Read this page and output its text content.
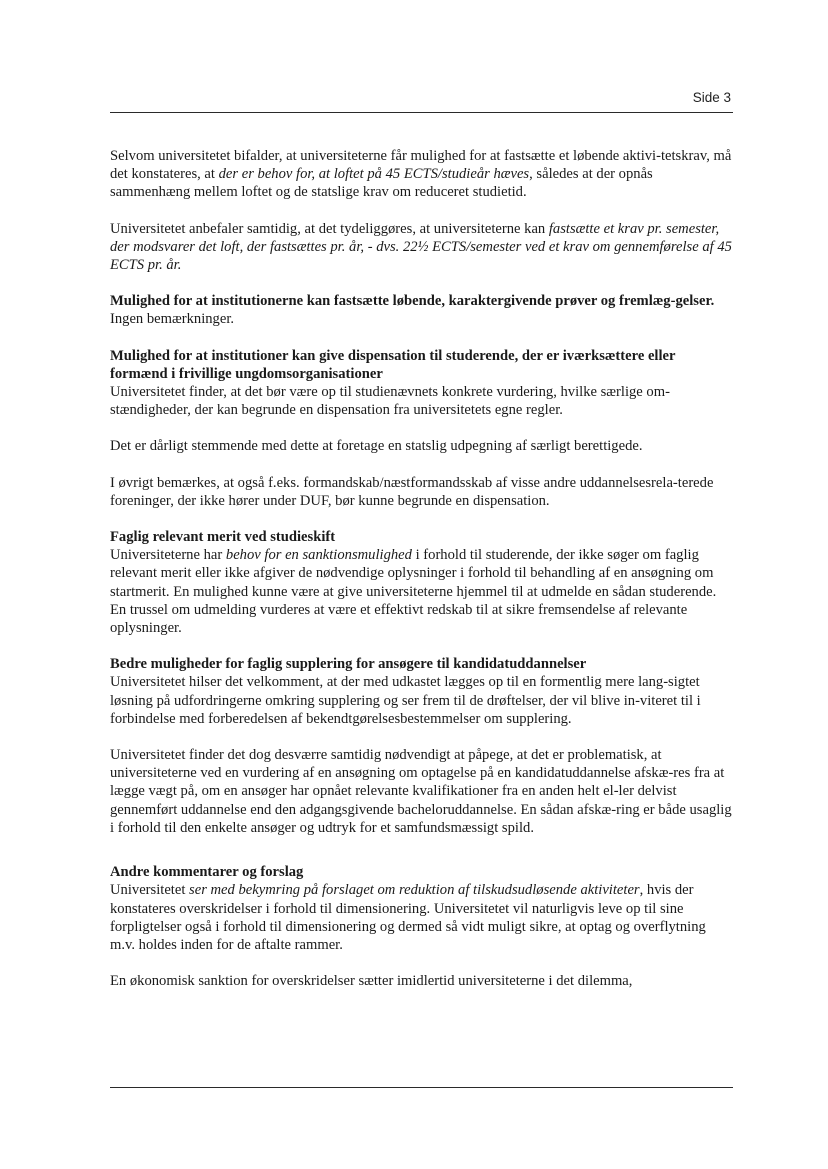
Side 3

Selvom universitetet bifalder, at universiteterne får mulighed for at fastsætte et løbende aktivi-tetskrav, må det konstateres, at der er behov for, at loftet på 45 ECTS/studieår hæves, således at der opnås sammenhæng mellem loftet og de statslige krav om reduceret studietid.

Universitetet anbefaler samtidig, at det tydeliggøres, at universiteterne kan fastsætte et krav pr. semester, der modsvarer det loft, der fastsættes pr. år, - dvs. 22½ ECTS/semester ved et krav om gennemførelse af 45 ECTS pr. år.

Mulighed for at institutionerne kan fastsætte løbende, karaktergivende prøver og fremlæg-gelser.

Ingen bemærkninger.

Mulighed for at institutioner kan give dispensation til studerende, der er iværksættere eller formænd i frivillige ungdomsorganisationer

Universitetet finder, at det bør være op til studienævnets konkrete vurdering, hvilke særlige om-stændigheder, der kan begrunde en dispensation fra universitetets egne regler.

Det er dårligt stemmende med dette at foretage en statslig udpegning af særligt berettigede.

I øvrigt bemærkes, at også f.eks. formandskab/næstformandsskab af visse andre uddannelsesrela-terede foreninger, der ikke hører under DUF, bør kunne begrunde en dispensation.

Faglig relevant merit ved studieskift

Universiteterne har behov for en sanktionsmulighed i forhold til studerende, der ikke søger om faglig relevant merit eller ikke afgiver de nødvendige oplysninger i forhold til behandling af en ansøgning om startmerit. En mulighed kunne være at give universiteterne hjemmel til at udmelde en sådan studerende. En trussel om udmelding vurderes at være et effektivt redskab til at sikre fremsendelse af relevante oplysninger.

Bedre muligheder for faglig supplering for ansøgere til kandidatuddannelser

Universitetet hilser det velkomment, at der med udkastet lægges op til en formentlig mere lang-sigtet løsning på udfordringerne omkring supplering og ser frem til de drøftelser, der vil blive in-viteret til i forbindelse med forberedelsen af bekendtgørelsesbestemmelser om supplering.

Universitetet finder det dog desværre samtidig nødvendigt at påpege, at det er problematisk, at universiteterne ved en vurdering af en ansøgning om optagelse på en kandidatuddannelse afskæ-res fra at lægge vægt på, om en ansøger har opnået relevante kvalifikationer fra en anden helt el-ler delvist gennemført uddannelse end den adgangsgivende bacheloruddannelse. En sådan afskæ-ring er både usaglig i forhold til den enkelte ansøger og udtryk for et samfundsmæssigt spild.

Andre kommentarer og forslag

Universitetet ser med bekymring på forslaget om reduktion af tilskudsudløsende aktiviteter, hvis der konstateres overskridelser i forhold til dimensionering. Universitetet vil naturligvis leve op til sine forpligtelser også i forhold til dimensionering og dermed så vidt muligt sikre, at optag og overflytning m.v. holdes inden for de aftalte rammer.

En økonomisk sanktion for overskridelser sætter imidlertid universiteterne i det dilemma,
